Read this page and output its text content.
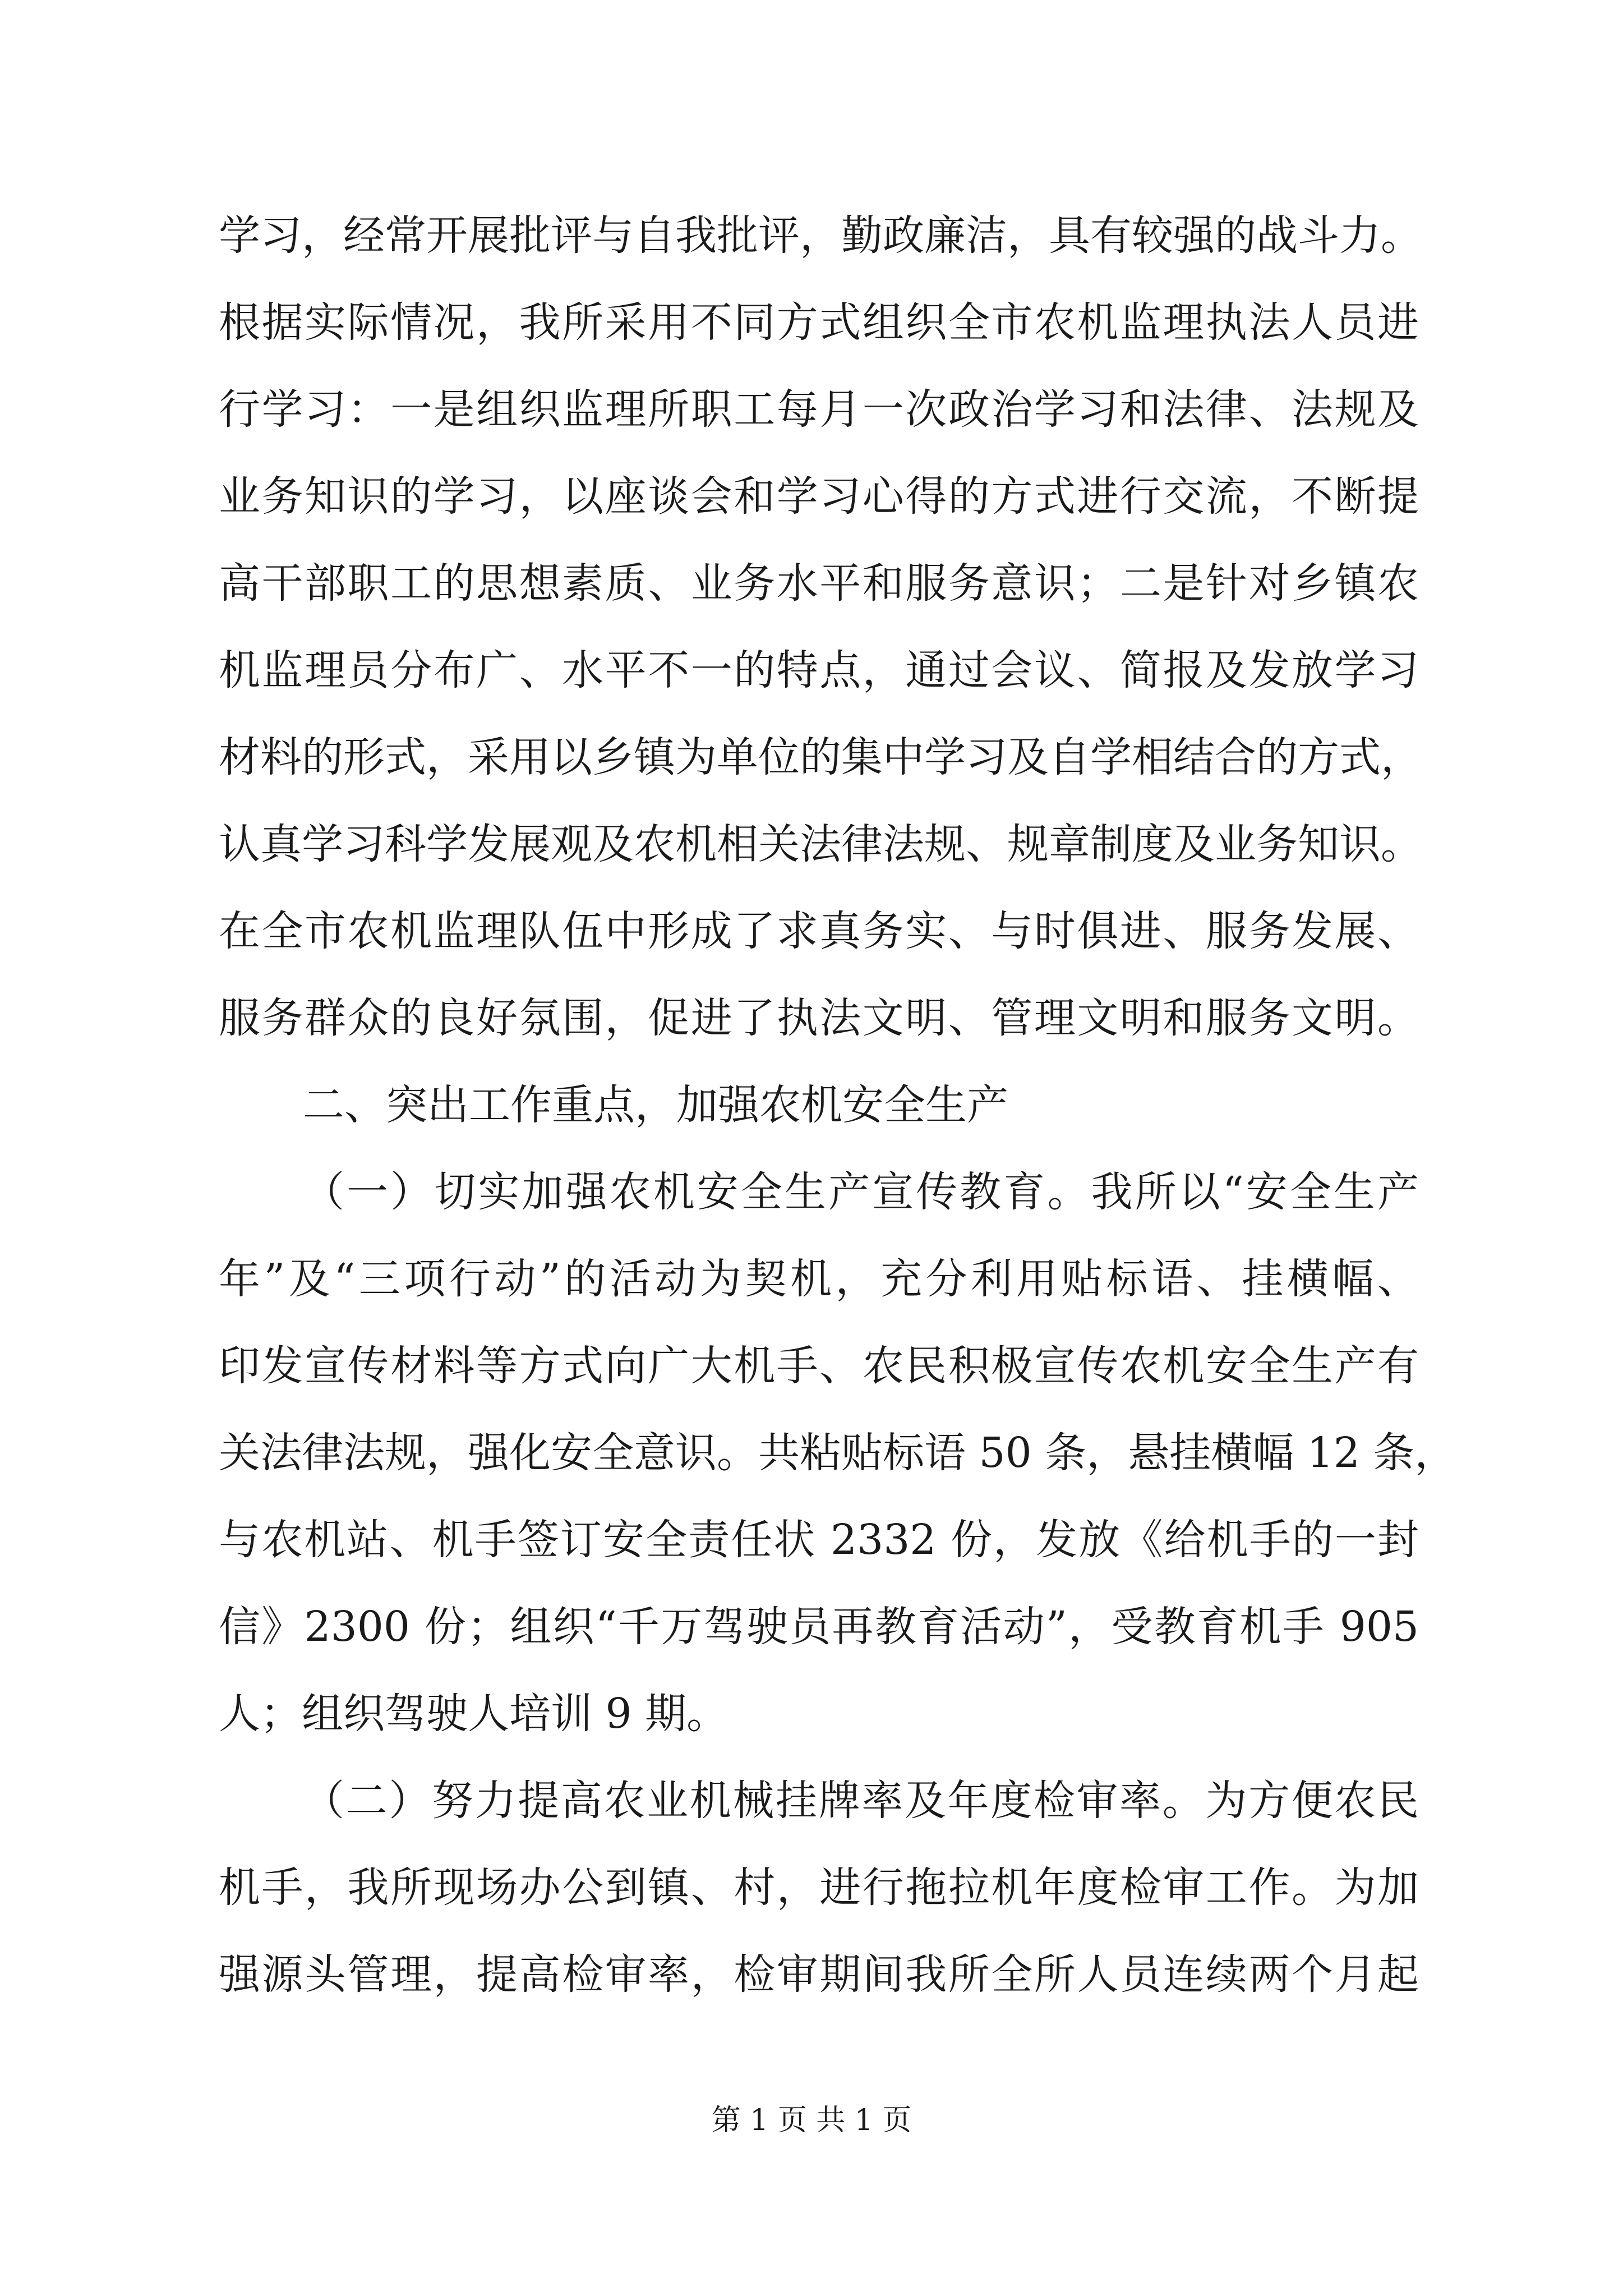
学习，经常开展批评与自我批评，勤政廉洁，具有较强的战斗力。
根据实际情况，我所采用不同方式组织全市农机监理执法人员进
行学习：一是组织监理所职工每月一次政治学习和法律、法规及
业务知识的学习，以座谈会和学习心得的方式进行交流，不断提
高干部职工的思想素质、业务水平和服务意识；二是针对乡镇农
机监理员分布广、水平不一的特点，通过会议、简报及发放学习
材料的形式，采用以乡镇为单位的集中学习及自学相结合的方式，
认真学习科学发展观及农机相关法律法规、规章制度及业务知识。
在全市农机监理队伍中形成了求真务实、与时俱进、服务发展、
服务群众的良好氛围，促进了执法文明、管理文明和服务文明。
二、突出工作重点，加强农机安全生产
（一）切实加强农机安全生产宣传教育。我所以“安全生产
年”及“三项行动”的活动为契机，充分利用贴标语、挂横幅、
印发宣传材料等方式向广大机手、农民积极宣传农机安全生产有
关法律法规，强化安全意识。共粘贴标语 50 条，悬挂横幅 12 条，
与农机站、机手签订安全责任状 2332 份，发放《给机手的一封
信》2300 份；组织“千万驾驶员再教育活动”，受教育机手 905
人；组织驾驶人培训 9 期。
（二）努力提高农业机械挂牌率及年度检审率。为方便农民
机手，我所现场办公到镇、村，进行拖拉机年度检审工作。为加
强源头管理，提高检审率，检审期间我所全所人员连续两个月起
第 1 页 共 1 页
